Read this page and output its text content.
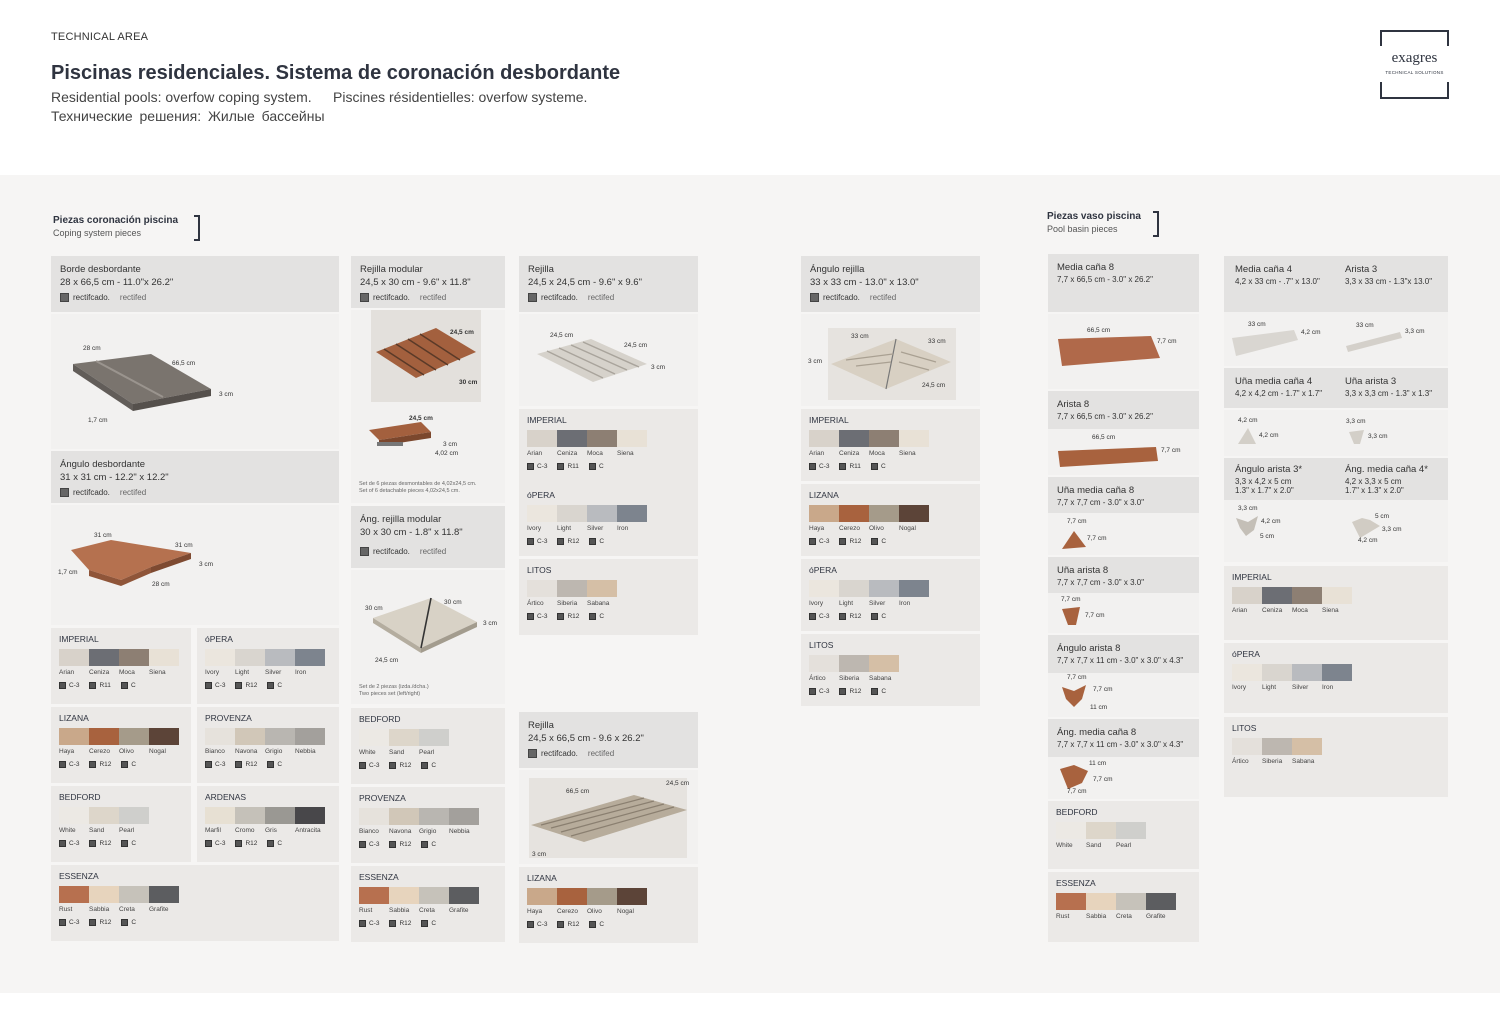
TECHNICAL AREA
Piscinas residenciales. Sistema de coronación desbordante
Residential pools: overfow coping system. Piscines résidentielles: overfow systeme.
Технические решения: Жилые бассейны
exagres
TECHNICAL SOLUTIONS
Piezas coronación piscina
Coping system pieces
Piezas vaso piscina
Pool basin pieces
Borde desbordante
28 x 66,5 cm - 11.0"x 26.2"
rectifcado. rectifed
28 cm
66,5 cm
3 cm
1,7 cm
Ángulo desbordante
31 x 31 cm - 12.2" x 12.2"
rectifcado. rectifed
31 cm
31 cm
3 cm
1,7 cm
28 cm
IMPERIAL
Arian	Ceniza	Moca	Siena
C-3	R11	C
óPERA
Ivory	Light	Silver	Iron
C-3	R12	C
LIZANA
Haya	Cerezo	Olivo	Nogal
C-3	R12	C
PROVENZA
Bianco	Navona	Grigio	Nebbia
C-3	R12	C
BEDFORD
White	Sand	Pearl
C-3	R12	C
ARDENAS
Marfil	Cromo	Gris	Antracita
C-3	R12	C
ESSENZA
Rust	Sabbia	Creta	Grafite
C-3	R12	C
Rejilla modular
24,5 x 30 cm - 9.6" x 11.8"
rectifcado. rectifed
24,5 cm
30 cm
24,5 cm
3 cm
4,02 cm
Set de 6 piezas desmontables de 4,02x24,5 cm.
Set of 6 detachable pieces 4,02x24,5 cm.
Áng. rejilla modular
30 x 30 cm - 1.8" x 11.8"
rectifcado. rectifed
30 cm
30 cm
3 cm
24,5 cm
Set de 2 piezas (izda./dcha.)
Two pieces set (left/right)
BEDFORD
White	Sand	Pearl
C-3	R12	C
PROVENZA
Bianco	Navona	Grigio	Nebbia
C-3	R12	C
ESSENZA
Rust	Sabbia	Creta	Grafite
C-3	R12	C
Rejilla
24,5 x 24,5 cm - 9.6" x 9.6"
rectifcado. rectifed
24,5 cm
24,5 cm
3 cm
IMPERIAL
Arian	Ceniza	Moca	Siena
C-3	R11	C
óPERA
Ivory	Light	Silver	Iron
C-3	R12	C
LITOS
Ártico	Siberia	Sabana
C-3	R12	C
Rejilla
24,5 x 66,5 cm - 9.6 x 26.2"
rectifcado. rectifed
66,5 cm
24,5 cm
3 cm
LIZANA
Haya	Cerezo	Olivo	Nogal
C-3	R12	C
Ángulo rejilla
33 x 33 cm - 13.0" x 13.0"
rectifcado. rectifed
33 cm
33 cm
3 cm
24,5 cm
IMPERIAL
Arian	Ceniza	Moca	Siena
C-3	R11	C
LIZANA
Haya	Cerezo	Olivo	Nogal
C-3	R12	C
óPERA
Ivory	Light	Silver	Iron
C-3	R12	C
LITOS
Ártico	Siberia	Sabana
C-3	R12	C
Media caña 8
7,7 x 66,5 cm - 3.0" x 26.2"
66,5 cm
7,7 cm
Arista 8
7,7 x 66,5 cm - 3.0" x 26.2"
66,5 cm
7,7 cm
Uña media caña 8
7,7 x 7,7 cm - 3.0" x 3.0"
7,7 cm
7,7 cm
Uña arista 8
7,7 x 7,7 cm - 3.0" x 3.0"
7,7 cm
7,7 cm
Ángulo arista 8
7,7 x 7,7 x 11 cm - 3.0" x 3.0" x 4.3"
7,7 cm
7,7 cm
11 cm
Áng. media caña 8
7,7 x 7,7 x 11 cm - 3.0" x 3.0" x 4.3"
11 cm
7,7 cm
7,7 cm
BEDFORD
White	Sand	Pearl
ESSENZA
Rust	Sabbia	Creta	Grafite
Media caña 4
4,2 x 33 cm - .7" x 13.0"
Arista 3
3,3 x 33 cm - 1.3"x 13.0"
33 cm
4,2 cm
33 cm
3,3 cm
Uña media caña 4
4,2 x 4,2 cm - 1.7" x 1.7"
Uña arista 3
3,3 x 3,3 cm - 1.3" x 1.3"
4,2 cm
4,2 cm
3,3 cm
3,3 cm
Ángulo arista 3*
3,3 x 4,2 x 5 cm
1.3" x 1.7" x 2.0"
Áng. media caña 4*
4,2 x 3,3 x 5 cm
1.7" x 1.3" x 2.0"
3,3 cm
4,2 cm
5 cm
5 cm
3,3 cm
4,2 cm
IMPERIAL
Arian	Ceniza	Moca	Siena
óPERA
Ivory	Light	Silver	Iron
LITOS
Ártico	Siberia	Sabana
